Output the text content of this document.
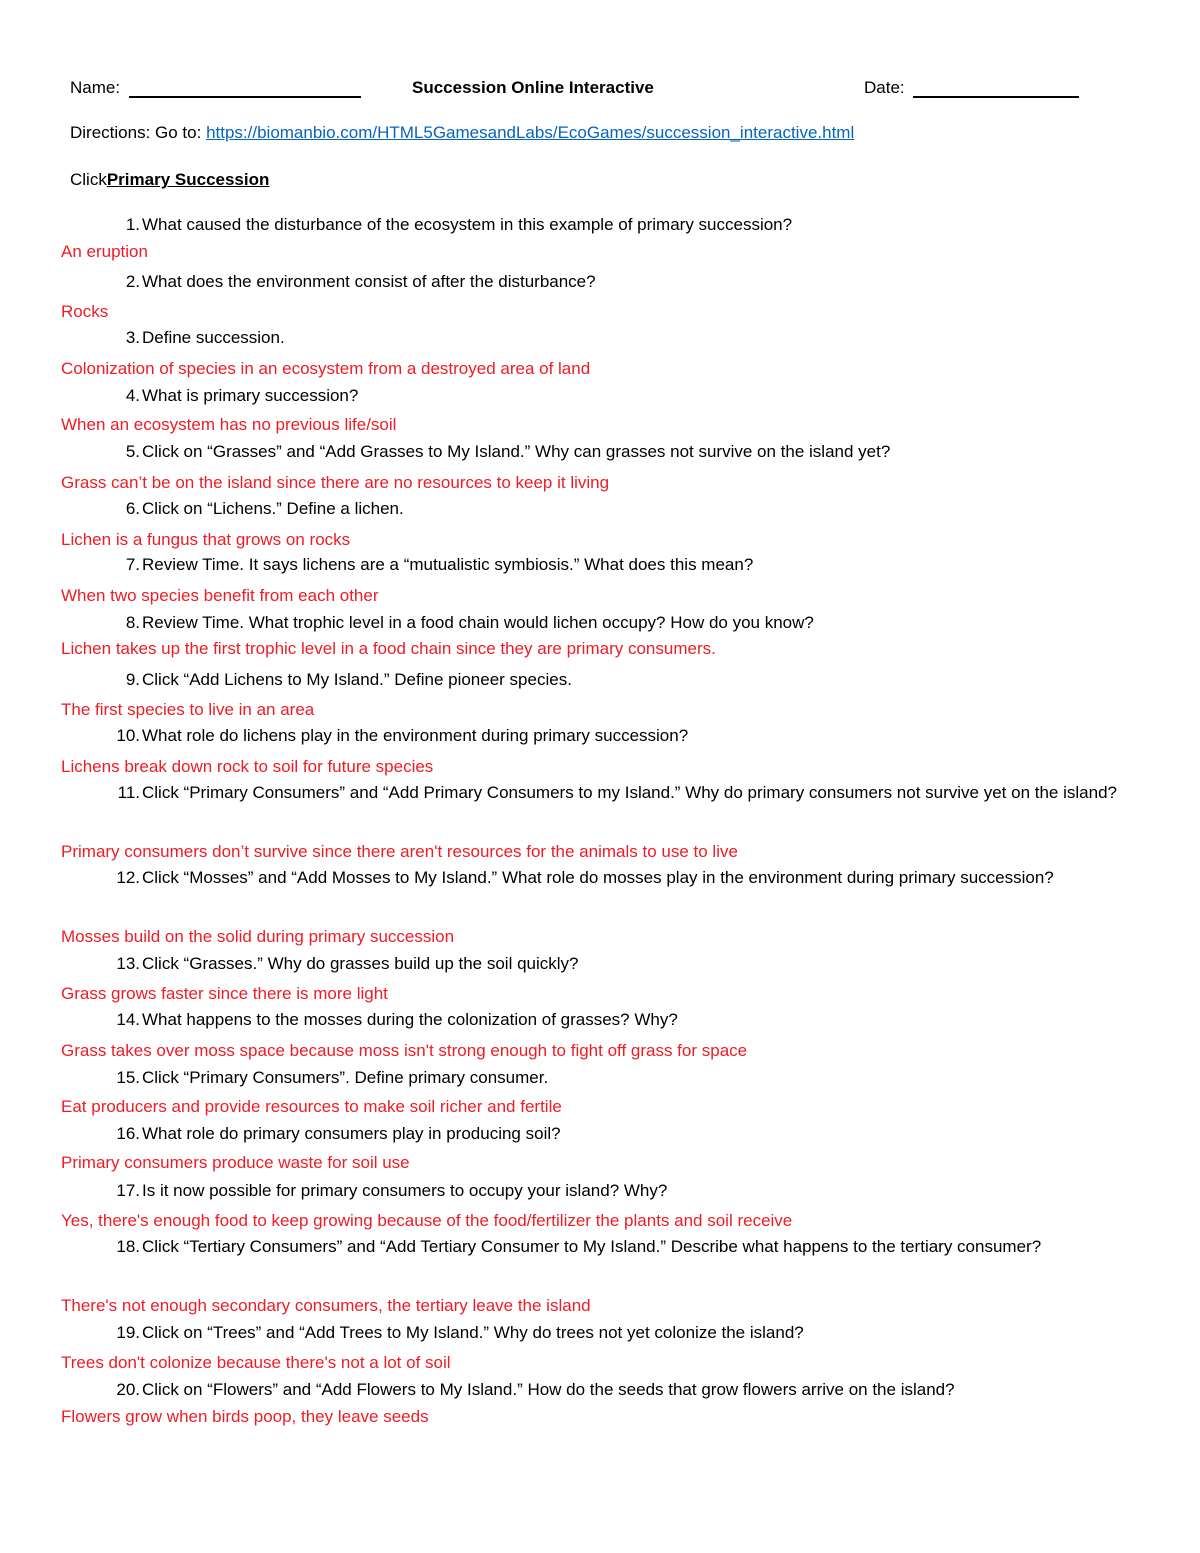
Name:	Succession Online Interactive	Date:
Directions: Go to: https://biomanbio.com/HTML5GamesandLabs/EcoGames/succession_interactive.html
ClickPrimary Succession
1. What caused the disturbance of the ecosystem in this example of primary succession?
An eruption
2. What does the environment consist of after the disturbance?
Rocks
3. Define succession.
Colonization of species in an ecosystem from a destroyed area of land
4. What is primary succession?
When an ecosystem has no previous life/soil
5. Click on “Grasses” and “Add Grasses to My Island.” Why can grasses not survive on the island yet?
Grass can’t be on the island since there are no resources to keep it living
6. Click on “Lichens.” Define a lichen.
Lichen is a fungus that grows on rocks
7. Review Time. It says lichens are a “mutualistic symbiosis.” What does this mean?
When two species benefit from each other
8. Review Time. What trophic level in a food chain would lichen occupy? How do you know?
Lichen takes up the first trophic level in a food chain since they are primary consumers.
9. Click “Add Lichens to My Island.” Define pioneer species.
The first species to live in an area
10. What role do lichens play in the environment during primary succession?
Lichens break down rock to soil for future species
11. Click “Primary Consumers” and “Add Primary Consumers to my Island.” Why do primary consumers not survive yet on the island?
Primary consumers don’t survive since there aren't resources for the animals to use to live
12. Click “Mosses” and “Add Mosses to My Island.” What role do mosses play in the environment during primary succession?
Mosses build on the solid during primary succession
13. Click “Grasses.” Why do grasses build up the soil quickly?
Grass grows faster since there is more light
14. What happens to the mosses during the colonization of grasses? Why?
Grass takes over moss space because moss isn't strong enough to fight off grass for space
15. Click “Primary Consumers”. Define primary consumer.
Eat producers and provide resources to make soil richer and fertile
16. What role do primary consumers play in producing soil?
Primary consumers produce waste for soil use
17. Is it now possible for primary consumers to occupy your island? Why?
Yes, there's enough food to keep growing because of the food/fertilizer the plants and soil receive
18. Click “Tertiary Consumers” and “Add Tertiary Consumer to My Island.” Describe what happens to the tertiary consumer?
There's not enough secondary consumers, the tertiary leave the island
19. Click on “Trees” and “Add Trees to My Island.” Why do trees not yet colonize the island?
Trees don't colonize because there's not a lot of soil
20. Click on “Flowers” and “Add Flowers to My Island.” How do the seeds that grow flowers arrive on the island?
Flowers grow when birds poop, they leave seeds
